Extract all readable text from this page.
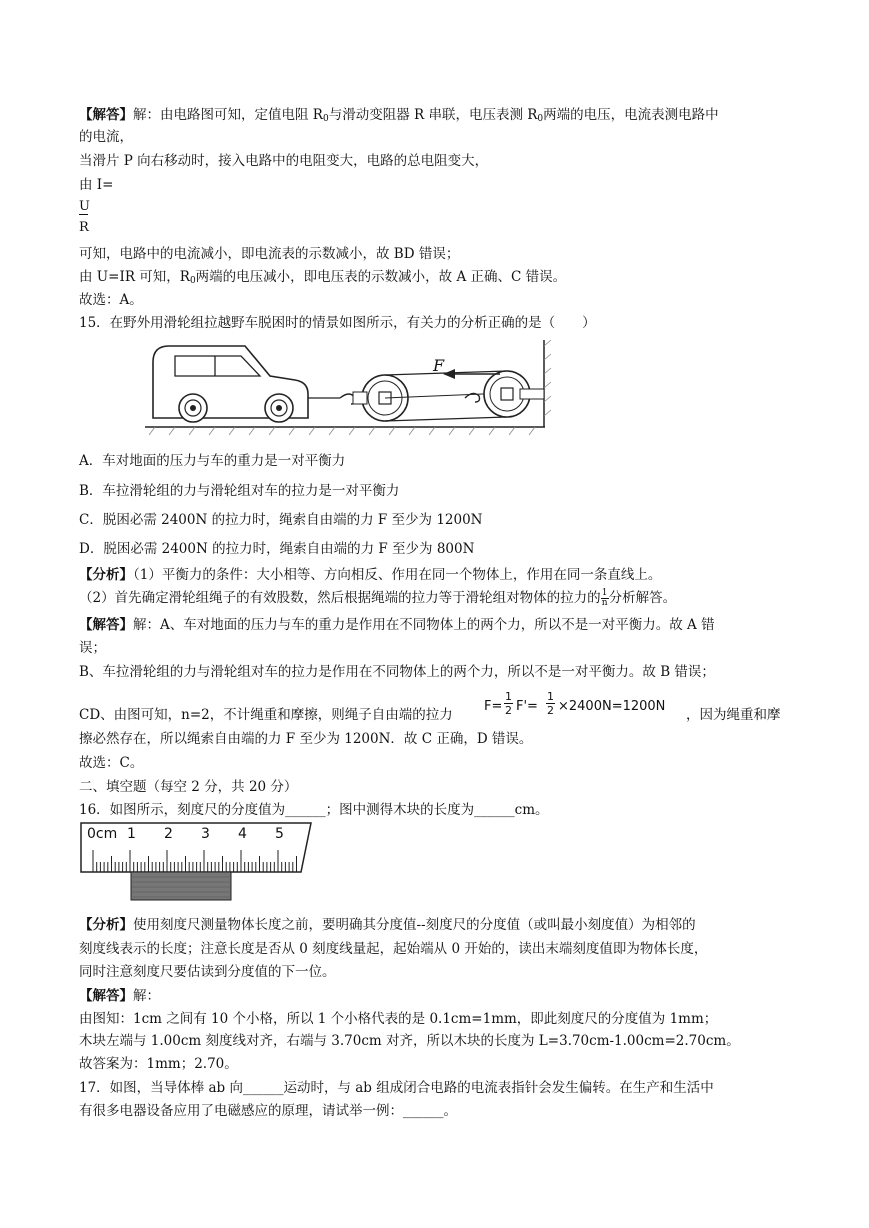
【解答】解：由电路图可知，定值电阻 $R_0$与滑动变阻器 R 串联，电压表测 $R_0$两端的电压，电流表测电路中
的电流，
当滑片 P 向右移动时，接入电路中的电阻变大，电路的总电阻变大，
由 I=
U
R
可知，电路中的电流减小，即电流表的示数减小，故 BD 错误；
由 U=IR 可知，$R_0$两端的电压减小，即电压表的示数减小，故 A 正确、C 错误。
故选：A。
15．在野外用滑轮组拉越野车脱困时的情景如图所示，有关力的分析正确的是（　　）
F
A．车对地面的压力与车的重力是一对平衡力
B．车拉滑轮组的力与滑轮组对车的拉力是一对平衡力
C．脱困必需 2400N 的拉力时，绳索自由端的力 F 至少为 1200N
D．脱困必需 2400N 的拉力时，绳索自由端的力 F 至少为 800N
【分析】（1）平衡力的条件：大小相等、方向相反、作用在同一个物体上，作用在同一条直线上。
（2）首先确定滑轮组绳子的有效股数，然后根据绳端的拉力等于滑轮组对物体的拉力的 $\frac{1}{n}$ 分析解答。
【解答】解：A、车对地面的压力与车的重力是作用在不同物体上的两个力，所以不是一对平衡力。故 A 错
误；
B、车拉滑轮组的力与滑轮组对车的拉力是作用在不同物体上的两个力，所以不是一对平衡力。故 B 错误；
CD、由图可知，n=2，不计绳重和摩擦，则绳子自由端的拉力
F=
1
2 F'=
1
2 ×2400N=1200N
，因为绳重和摩
擦必然存在，所以绳索自由端的力 F 至少为 1200N．故 C 正确，D 错误。
故选：C。
二、填空题（每空 2 分，共 20 分）
16．如图所示，刻度尺的分度值为______；图中测得木块的长度为______cm。
0cm 1 2 3 4 5
【分析】使用刻度尺测量物体长度之前，要明确其分度值--刻度尺的分度值（或叫最小刻度值）为相邻的
刻度线表示的长度；注意长度是否从 0 刻度线量起，起始端从 0 开始的，读出末端刻度值即为物体长度，
同时注意刻度尺要估读到分度值的下一位。
【解答】解：
由图知：1cm 之间有 10 个小格，所以 1 个小格代表的是 0.1cm=1mm，即此刻度尺的分度值为 1mm；
木块左端与 1.00cm 刻度线对齐，右端与 3.70cm 对齐，所以木块的长度为 L=3.70cm-1.00cm=2.70cm。
故答案为：1mm；2.70。
17．如图，当导体棒 ab 向______运动时，与 ab 组成闭合电路的电流表指针会发生偏转。在生产和生活中
有很多电器设备应用了电磁感应的原理，请试举一例：______。
